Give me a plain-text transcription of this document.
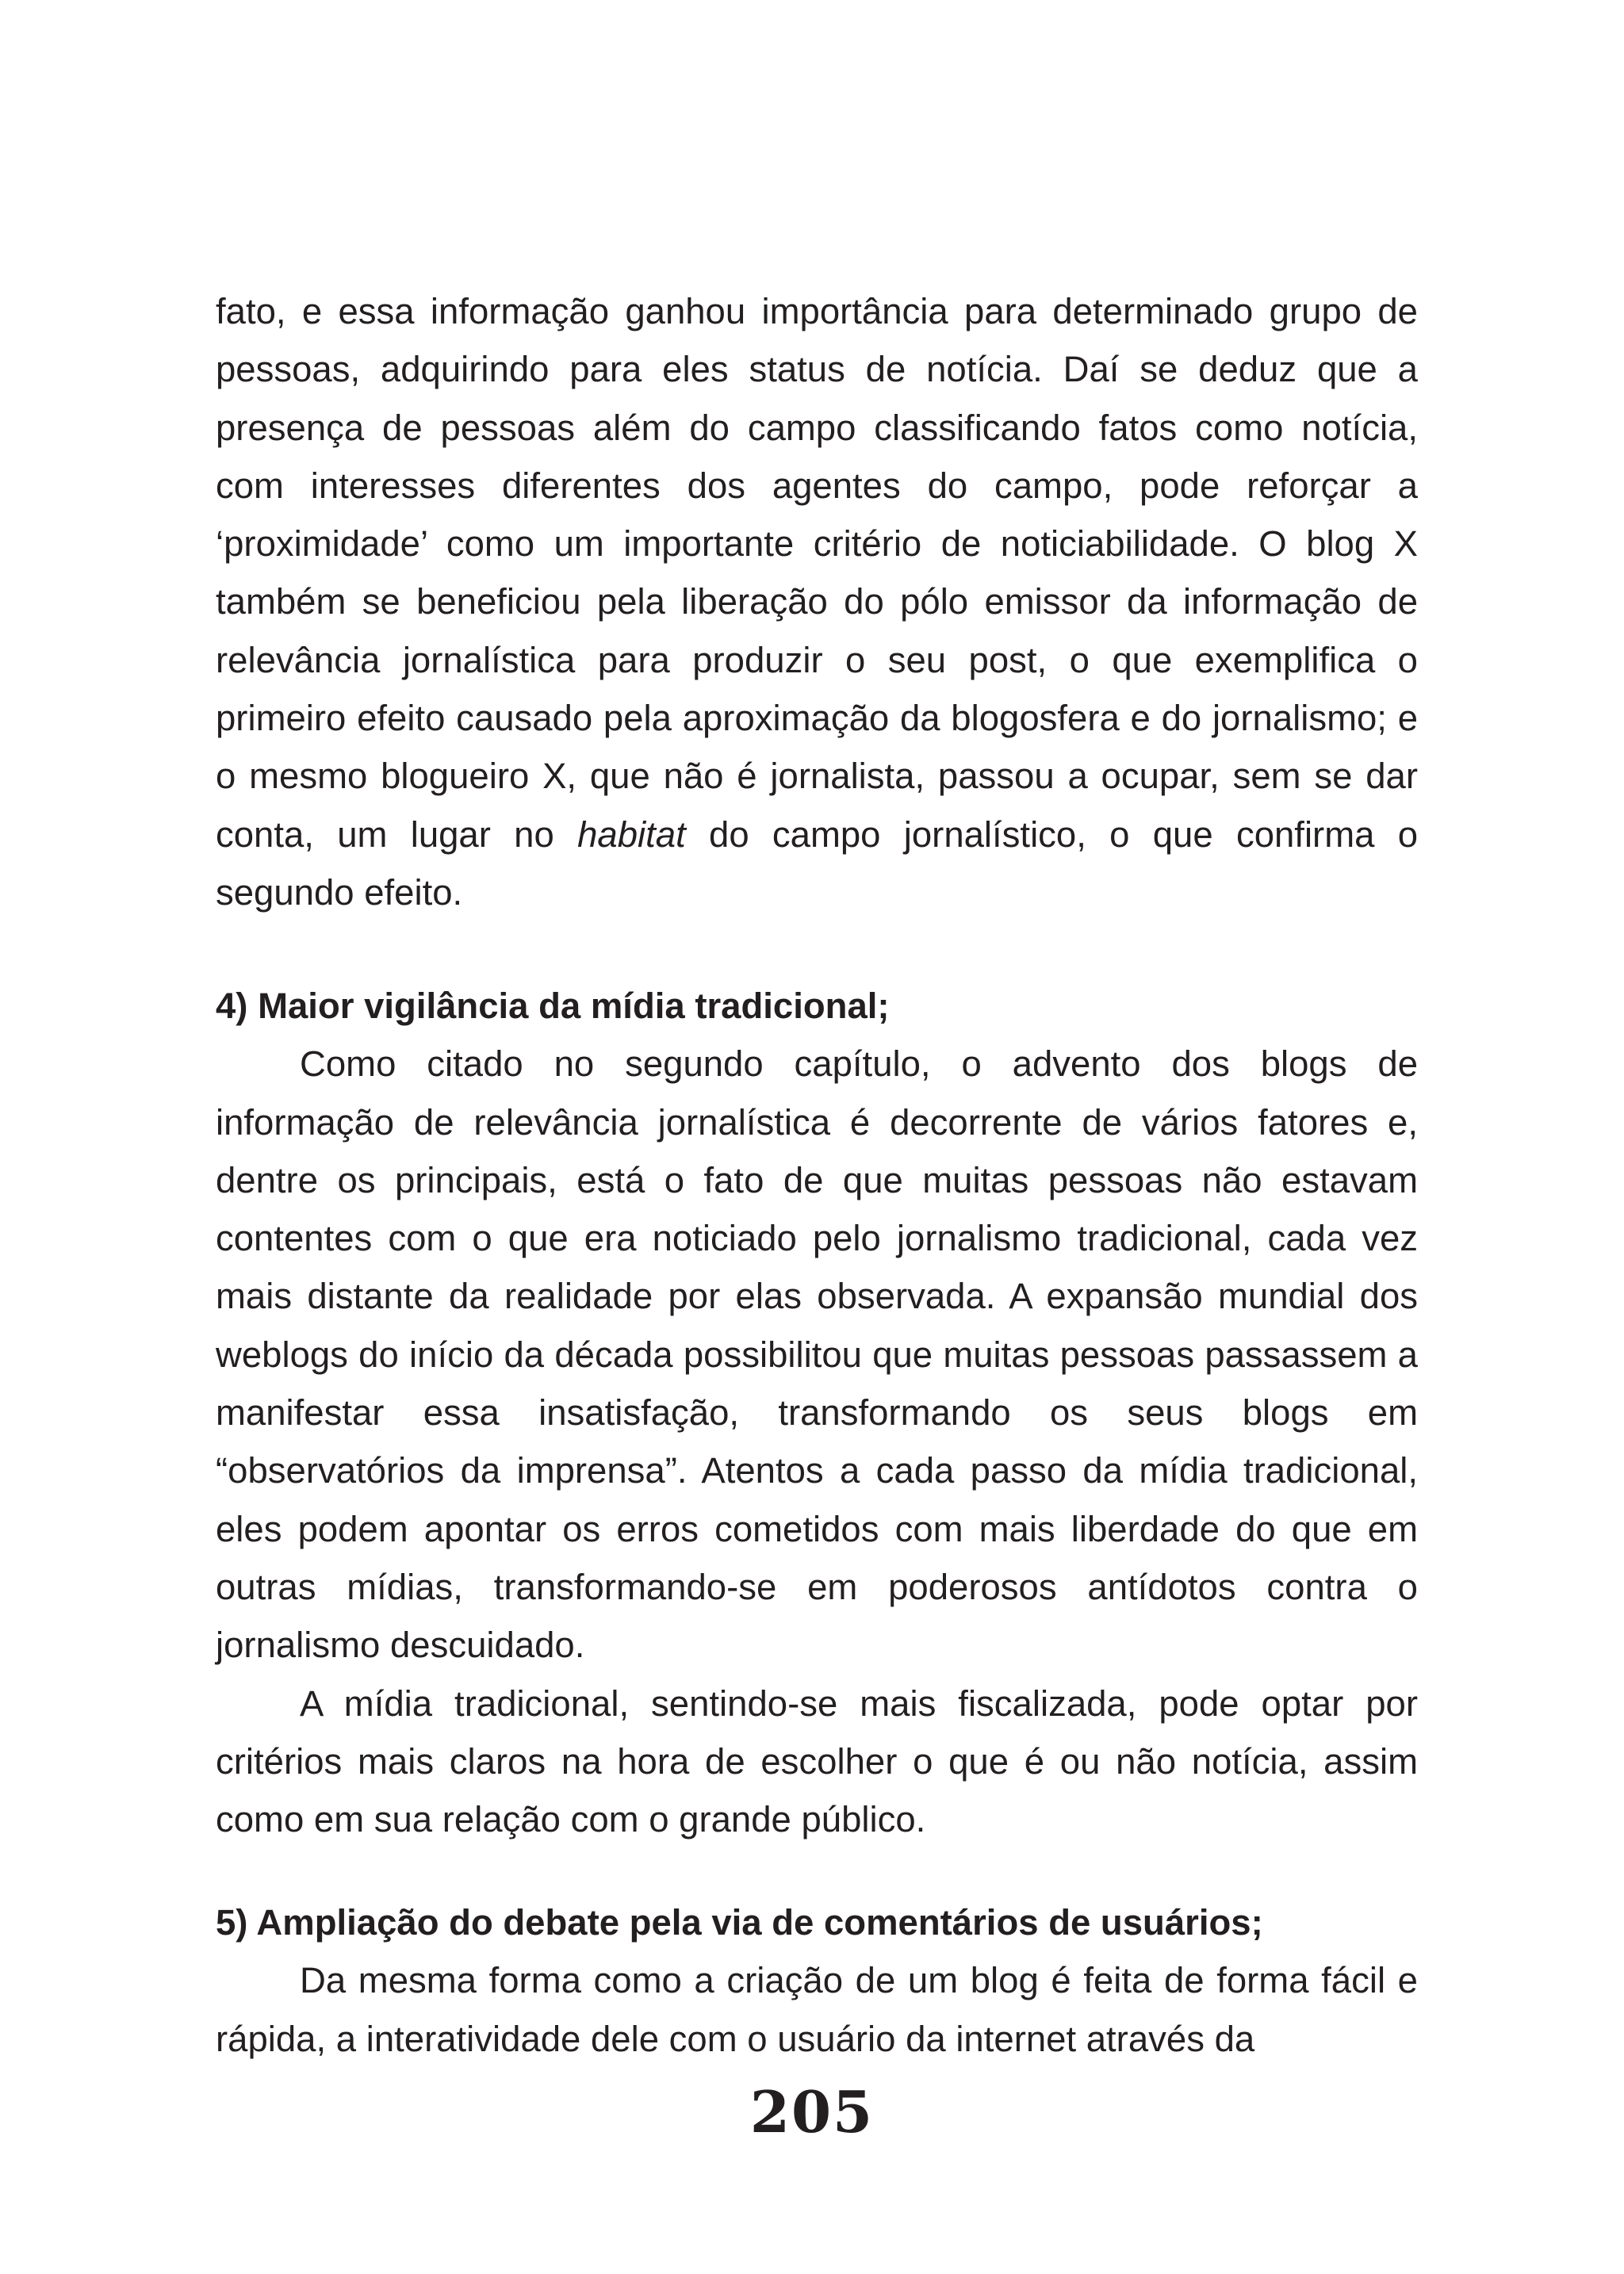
fato, e essa informação ganhou importância para determinado grupo de pessoas, adquirindo para eles status de notícia. Daí se deduz que a presença de pessoas além do campo classificando fatos como notícia, com interesses diferentes dos agentes do campo, pode reforçar a ‘proximidade’ como um importante critério de noticiabilidade. O blog X também se beneficiou pela liberação do pólo emissor da informação de relevância jornalística para produzir o seu post, o que exemplifica o primeiro efeito causado pela aproximação da blogosfera e do jornalismo; e o mesmo blogueiro X, que não é jornalista, passou a ocupar, sem se dar conta, um lugar no habitat do campo jornalístico, o que confirma o segundo efeito.

4) Maior vigilância da mídia tradicional;

Como citado no segundo capítulo, o advento dos blogs de informação de relevância jornalística é decorrente de vários fatores e, dentre os principais, está o fato de que muitas pessoas não estavam contentes com o que era noticiado pelo jornalismo tradicional, cada vez mais distante da realidade por elas observada. A expansão mundial dos weblogs do início da década possibilitou que muitas pessoas passassem a manifestar essa insatisfação, transformando os seus blogs em “observatórios da imprensa”. Atentos a cada passo da mídia tradicional, eles podem apontar os erros cometidos com mais liberdade do que em outras mídias, transformando-se em poderosos antídotos contra o jornalismo descuidado.

A mídia tradicional, sentindo-se mais fiscalizada, pode optar por critérios mais claros na hora de escolher o que é ou não notícia, assim como em sua relação com o grande público.

5) Ampliação do debate pela via de comentários de usuários;

Da mesma forma como a criação de um blog é feita de forma fácil e rápida, a interatividade dele com o usuário da internet através da

205
